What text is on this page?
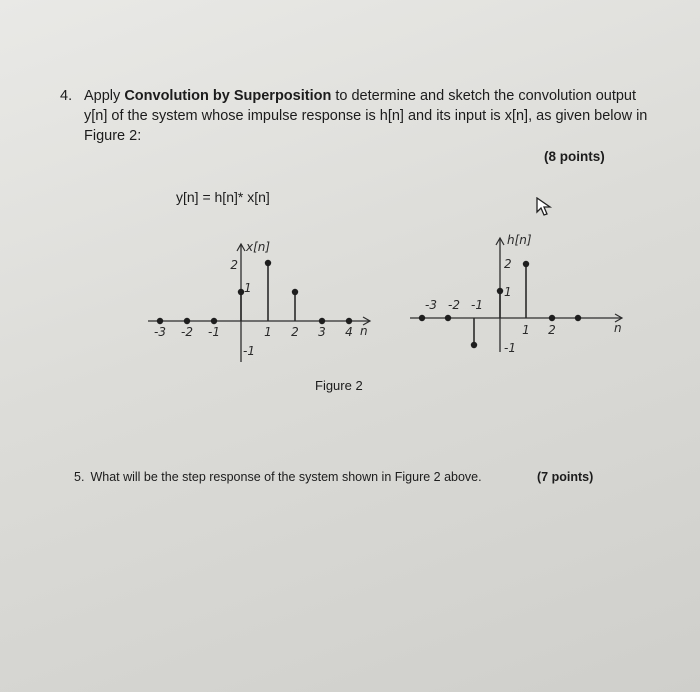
4. Apply Convolution by Superposition to determine and sketch the convolution output y[n] of the system whose impulse response is h[n] and its input is x[n], as given below in Figure 2:
(8 points)
y[n] = h[n]* x[n]
x[n]
n
2
1
-1
-3 -2 -1	1 2 3 4
h[n]
n
2
1
-1
-3 -2 -1
1 2
Figure 2
5. What will be the step response of the system shown in Figure 2 above.	(7 points)
